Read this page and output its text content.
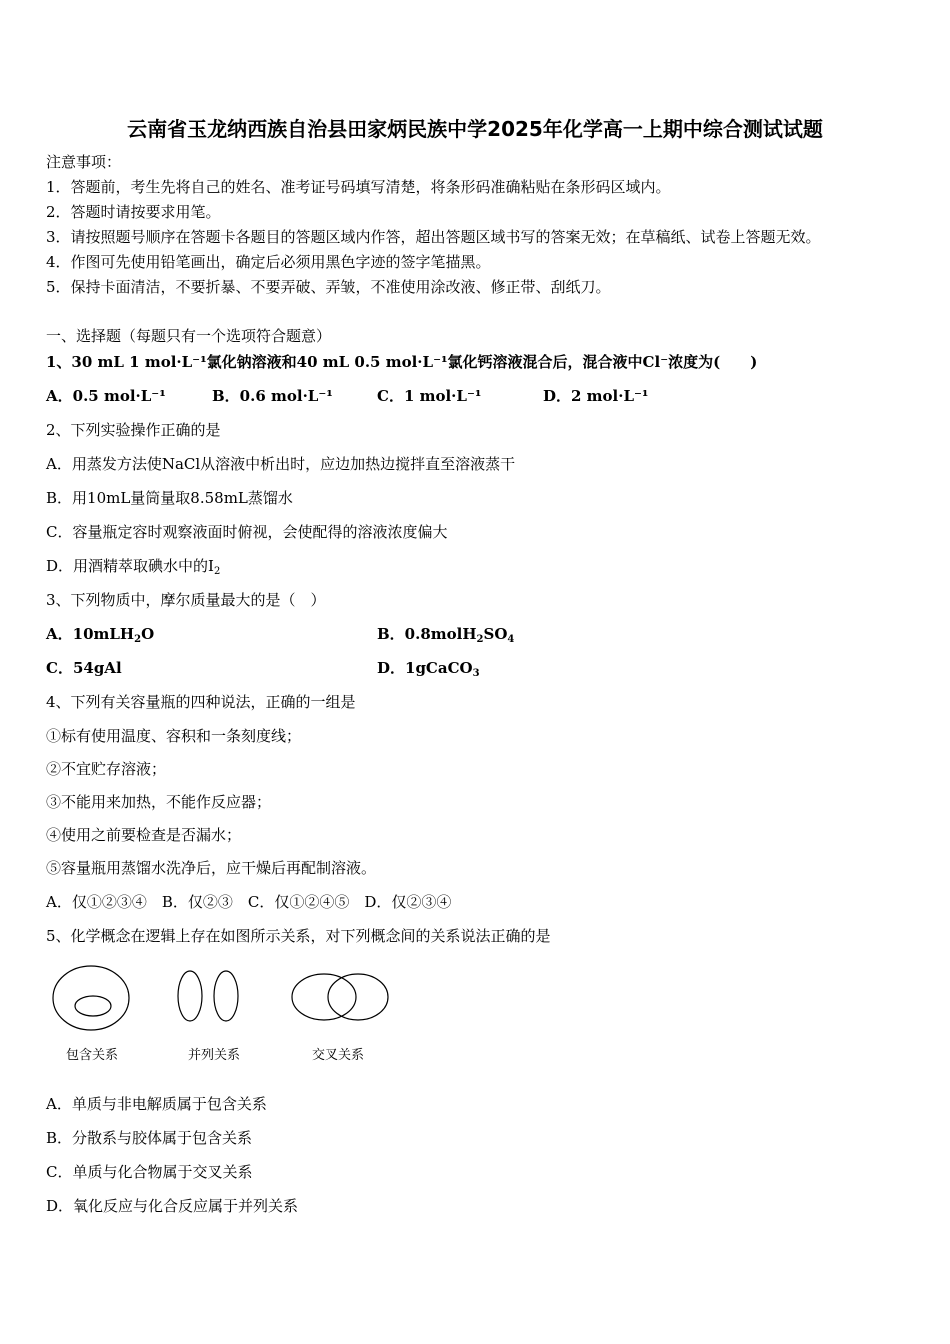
云南省玉龙纳西族自治县田家炳民族中学2025年化学高一上期中综合测试试题
注意事项：
1．答题前，考生先将自己的姓名、准考证号码填写清楚，将条形码准确粘贴在条形码区域内。
2．答题时请按要求用笔。
3．请按照题号顺序在答题卡各题目的答题区域内作答，超出答题区域书写的答案无效；在草稿纸、试卷上答题无效。
4．作图可先使用铅笔画出，确定后必须用黑色字迹的签字笔描黑。
5．保持卡面清洁，不要折暴、不要弄破、弄皱，不准使用涂改液、修正带、刮纸刀。
一、选择题（每题只有一个选项符合题意）
1、30 mL 1 mol·L⁻¹氯化钠溶液和40 mL 0.5 mol·L⁻¹氯化钙溶液混合后，混合液中Cl⁻浓度为(　　)
A．0.5 mol·L⁻¹	B．0.6 mol·L⁻¹	C．1 mol·L⁻¹	D．2 mol·L⁻¹
2、下列实验操作正确的是
A．用蒸发方法使NaCl从溶液中析出时，应边加热边搅拌直至溶液蒸干
B．用10mL量筒量取8.58mL蒸馏水
C．容量瓶定容时观察液面时俯视，会使配得的溶液浓度偏大
D．用酒精萃取碘水中的$I_2$
3、下列物质中，摩尔质量最大的是（　）
A．10mLH$_2$O	B．$0.8molH_2SO_4$
C．54gAl	D．1gCaCO$_3$
4、下列有关容量瓶的四种说法，正确的一组是
①标有使用温度、容积和一条刻度线；
②不宜贮存溶液；
③不能用来加热，不能作反应器；
④使用之前要检查是否漏水；
⑤容量瓶用蒸馏水洗净后，应干燥后再配制溶液。
A．仅①②③④　B．仅②③　C．仅①②④⑤　D．仅②③④
5、化学概念在逻辑上存在如图所示关系，对下列概念间的关系说法正确的是
包含关系	并列关系	交叉关系
A．单质与非电解质属于包含关系
B．分散系与胶体属于包含关系
C．单质与化合物属于交叉关系
D．氧化反应与化合反应属于并列关系
